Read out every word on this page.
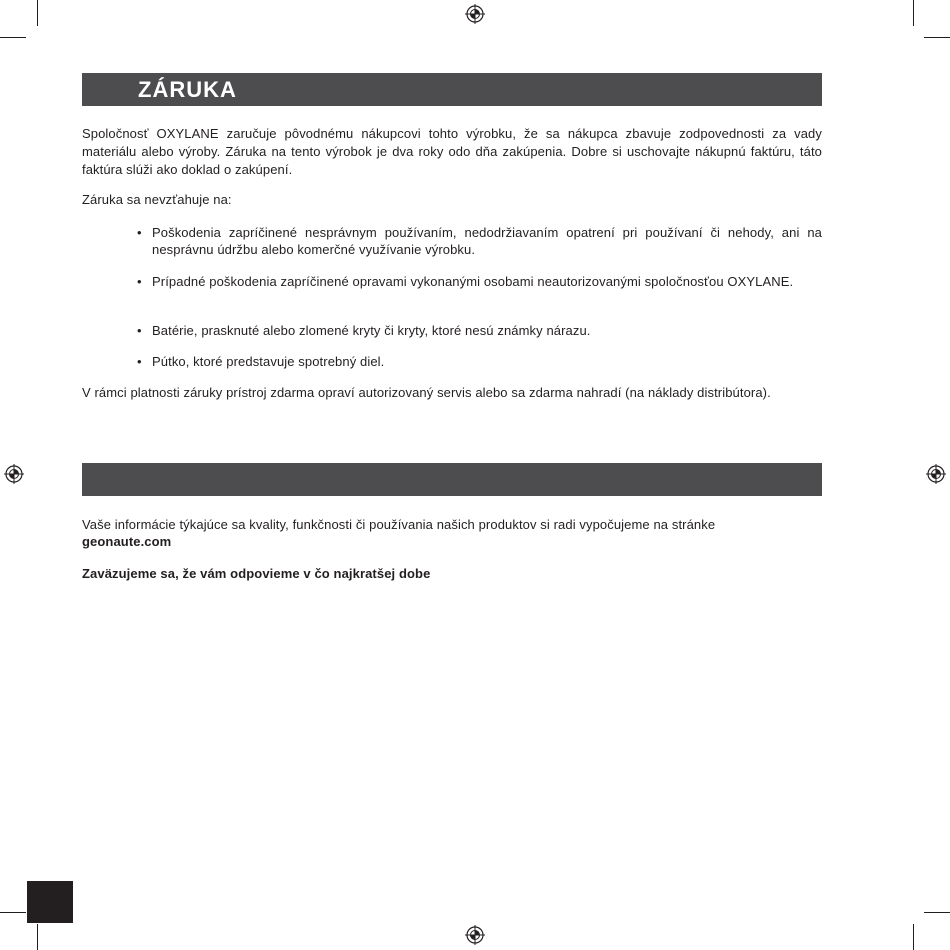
ZÁRUKA
Spoločnosť OXYLANE zaručuje pôvodnému nákupcovi tohto výrobku, že sa nákupca zbavuje zodpovednosti za vady materiálu alebo výroby. Záruka na tento výrobok je dva roky odo dňa zakúpenia. Dobre si uschovajte nákupnú faktúru, táto faktúra slúži ako doklad o zakúpení.
Záruka sa nevzťahuje na:
• Poškodenia zapríčinené nesprávnym používaním, nedodržiavaním opatrení pri používaní či nehody, ani na nesprávnu údržbu alebo komerčné využívanie výrobku.
• Prípadné poškodenia zapríčinené opravami vykonanými osobami neautorizovanými spoločnosťou OXYLANE.
• Batérie, prasknuté alebo zlomené kryty či kryty, ktoré nesú známky nárazu.
• Pútko, ktoré predstavuje spotrebný diel.
V rámci platnosti záruky prístroj zdarma opraví autorizovaný servis alebo sa zdarma nahradí (na náklady distribútora).
Vaše informácie týkajúce sa kvality, funkčnosti či používania našich produktov si radi vypočujeme na stránke
geonaute.com
Zaväzujeme sa, že vám odpovieme v čo najkratšej dobe
